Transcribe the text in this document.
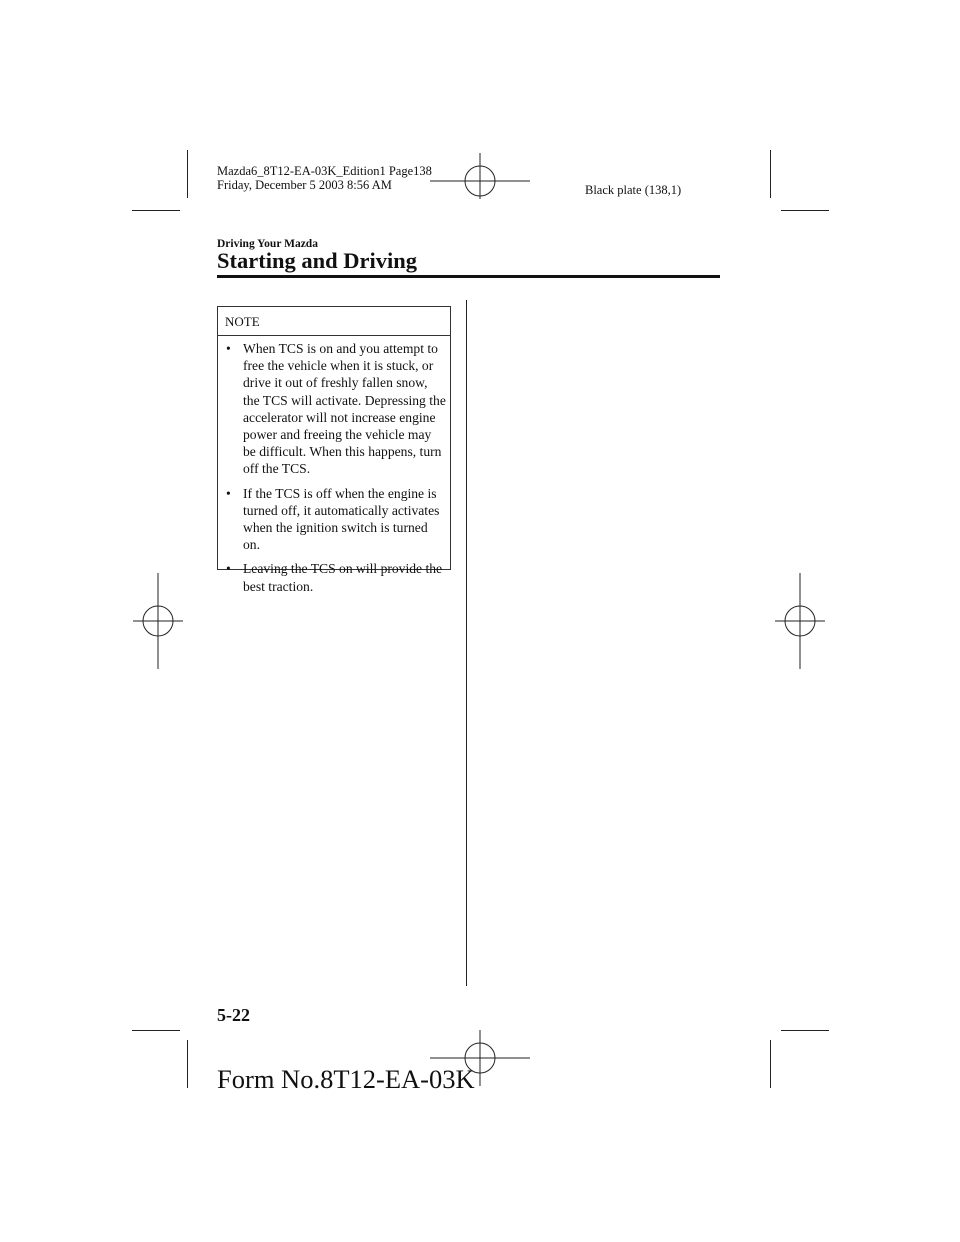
Mazda6_8T12-EA-03K_Edition1 Page138
Friday, December 5 2003 8:56 AM	Black plate (138,1)
Driving Your Mazda
Starting and Driving
NOTE
• When TCS is on and you attempt to free the vehicle when it is stuck, or drive it out of freshly fallen snow, the TCS will activate. Depressing the accelerator will not increase engine power and freeing the vehicle may be difficult. When this happens, turn off the TCS.
• If the TCS is off when the engine is turned off, it automatically activates when the ignition switch is turned on.
• Leaving the TCS on will provide the best traction.
5-22
Form No.8T12-EA-03K
